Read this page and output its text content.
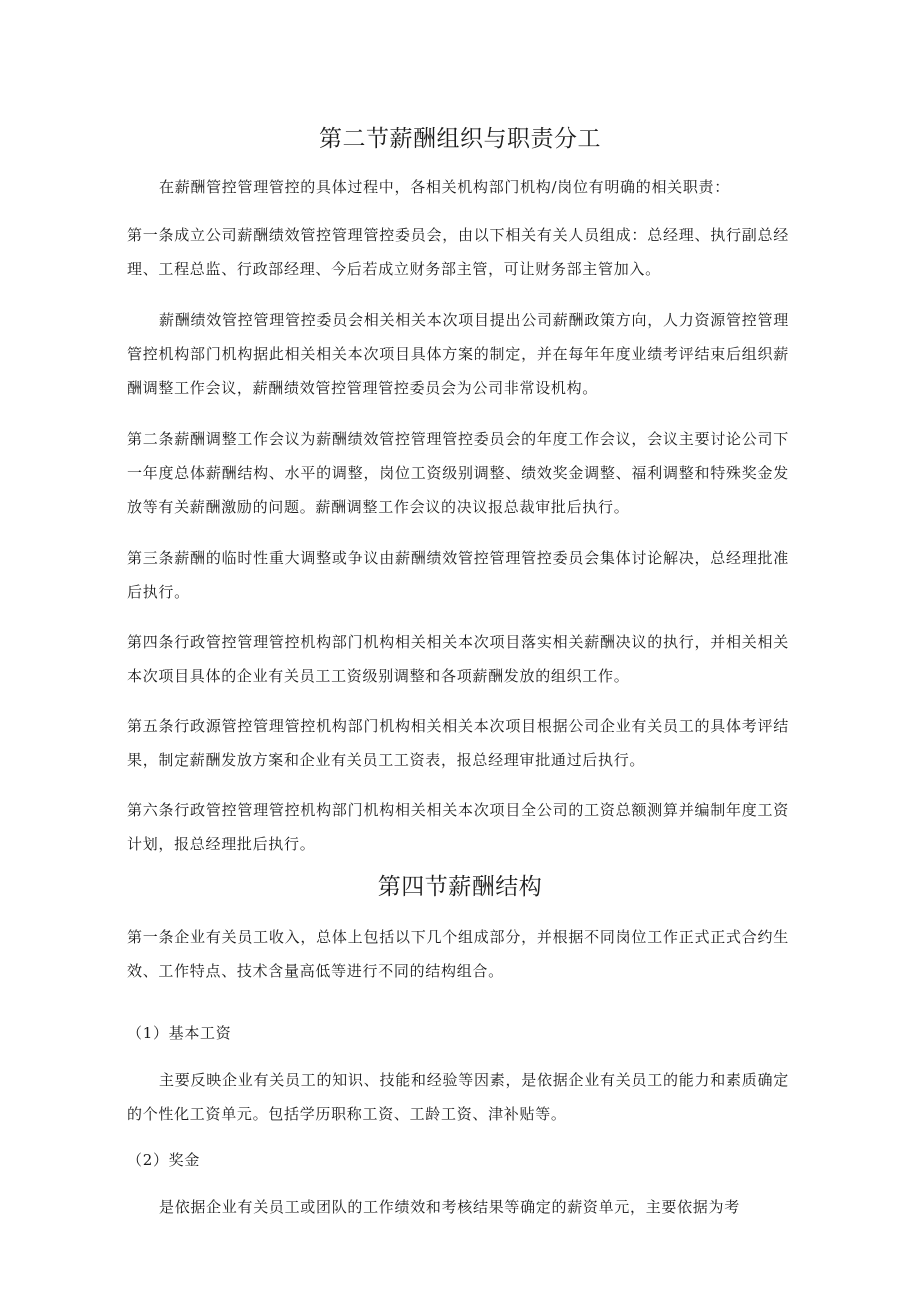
第二节薪酬组织与职责分工

在薪酬管控管理管控的具体过程中，各相关机构部门机构/岗位有明确的相关职责：

第一条成立公司薪酬绩效管控管理管控委员会，由以下相关有关人员组成：总经理、执行副总经理、工程总监、行政部经理、今后若成立财务部主管，可让财务部主管加入。

薪酬绩效管控管理管控委员会相关相关本次项目提出公司薪酬政策方向，人力资源管控管理管控机构部门机构据此相关相关本次项目具体方案的制定，并在每年年度业绩考评结束后组织薪酬调整工作会议，薪酬绩效管控管理管控委员会为公司非常设机构。

第二条薪酬调整工作会议为薪酬绩效管控管理管控委员会的年度工作会议，会议主要讨论公司下一年度总体薪酬结构、水平的调整，岗位工资级别调整、绩效奖金调整、福利调整和特殊奖金发放等有关薪酬激励的问题。薪酬调整工作会议的决议报总裁审批后执行。

第三条薪酬的临时性重大调整或争议由薪酬绩效管控管理管控委员会集体讨论解决，总经理批准后执行。

第四条行政管控管理管控机构部门机构相关相关本次项目落实相关薪酬决议的执行，并相关相关本次项目具体的企业有关员工工资级别调整和各项薪酬发放的组织工作。

第五条行政源管控管理管控机构部门机构相关相关本次项目根据公司企业有关员工的具体考评结果，制定薪酬发放方案和企业有关员工工资表，报总经理审批通过后执行。

第六条行政管控管理管控机构部门机构相关相关本次项目全公司的工资总额测算并编制年度工资计划，报总经理批后执行。

第四节薪酬结构

第一条企业有关员工收入，总体上包括以下几个组成部分，并根据不同岗位工作正式正式合约生效、工作特点、技术含量高低等进行不同的结构组合。

（1）基本工资

主要反映企业有关员工的知识、技能和经验等因素，是依据企业有关员工的能力和素质确定的个性化工资单元。包括学历职称工资、工龄工资、津补贴等。

（2）奖金

是依据企业有关员工或团队的工作绩效和考核结果等确定的薪资单元，主要依据为考
